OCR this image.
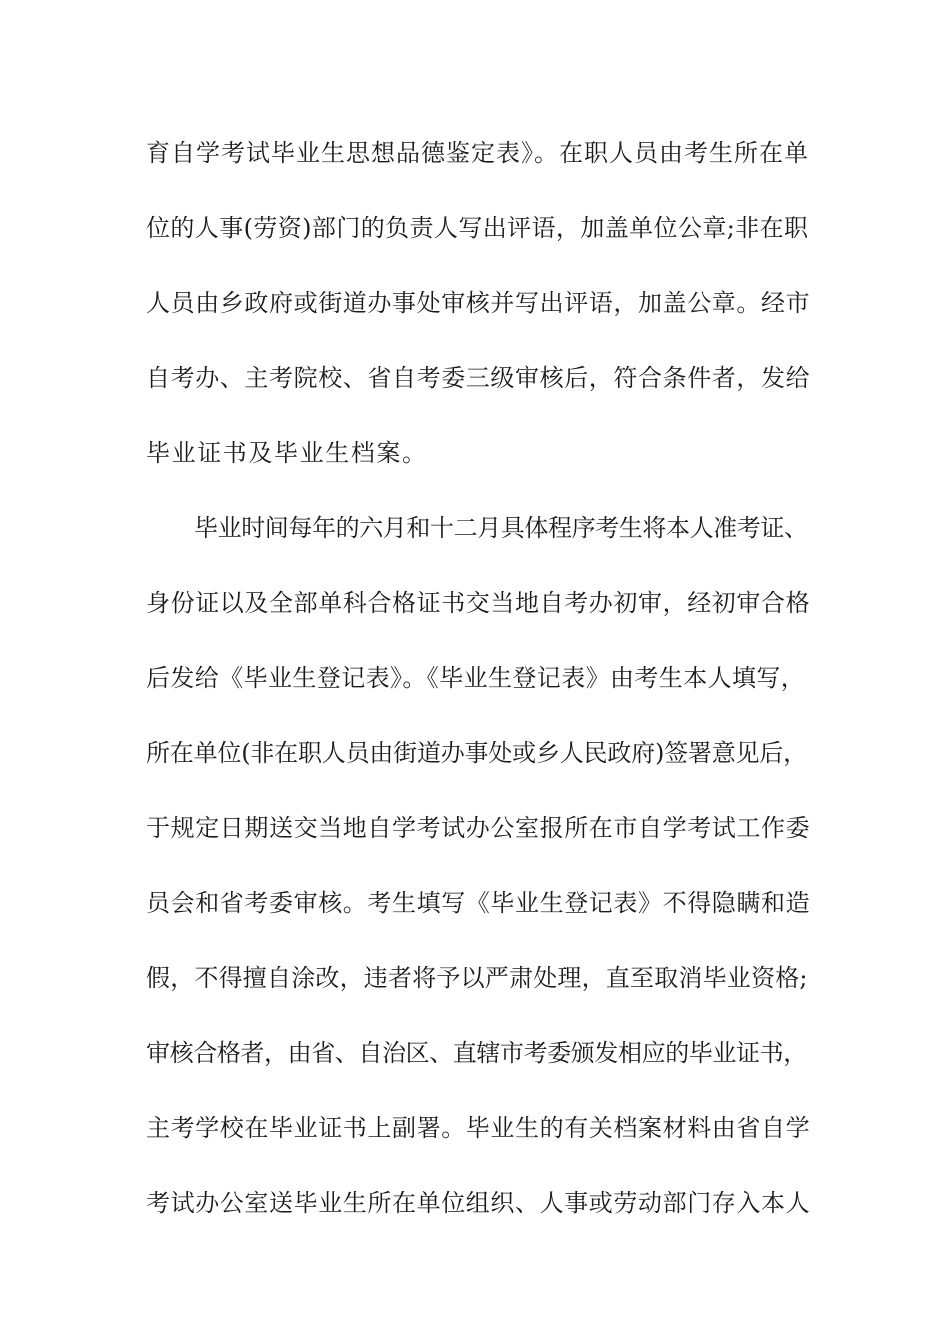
育自学考试毕业生思想品德鉴定表》。在职人员由考生所在单
位的人事(劳资)部门的负责人写出评语，加盖单位公章;非在职
人员由乡政府或街道办事处审核并写出评语，加盖公章。经市
自考办、主考院校、省自考委三级审核后，符合条件者，发给
毕业证书及毕业生档案。
毕业时间每年的六月和十二月具体程序考生将本人准考证、
身份证以及全部单科合格证书交当地自考办初审，经初审合格
后发给《毕业生登记表》。《毕业生登记表》由考生本人填写，
所在单位(非在职人员由街道办事处或乡人民政府)签署意见后，
于规定日期送交当地自学考试办公室报所在市自学考试工作委
员会和省考委审核。考生填写《毕业生登记表》不得隐瞒和造
假，不得擅自涂改，违者将予以严肃处理，直至取消毕业资格;
审核合格者，由省、自治区、直辖市考委颁发相应的毕业证书，
主考学校在毕业证书上副署。毕业生的有关档案材料由省自学
考试办公室送毕业生所在单位组织、人事或劳动部门存入本人
